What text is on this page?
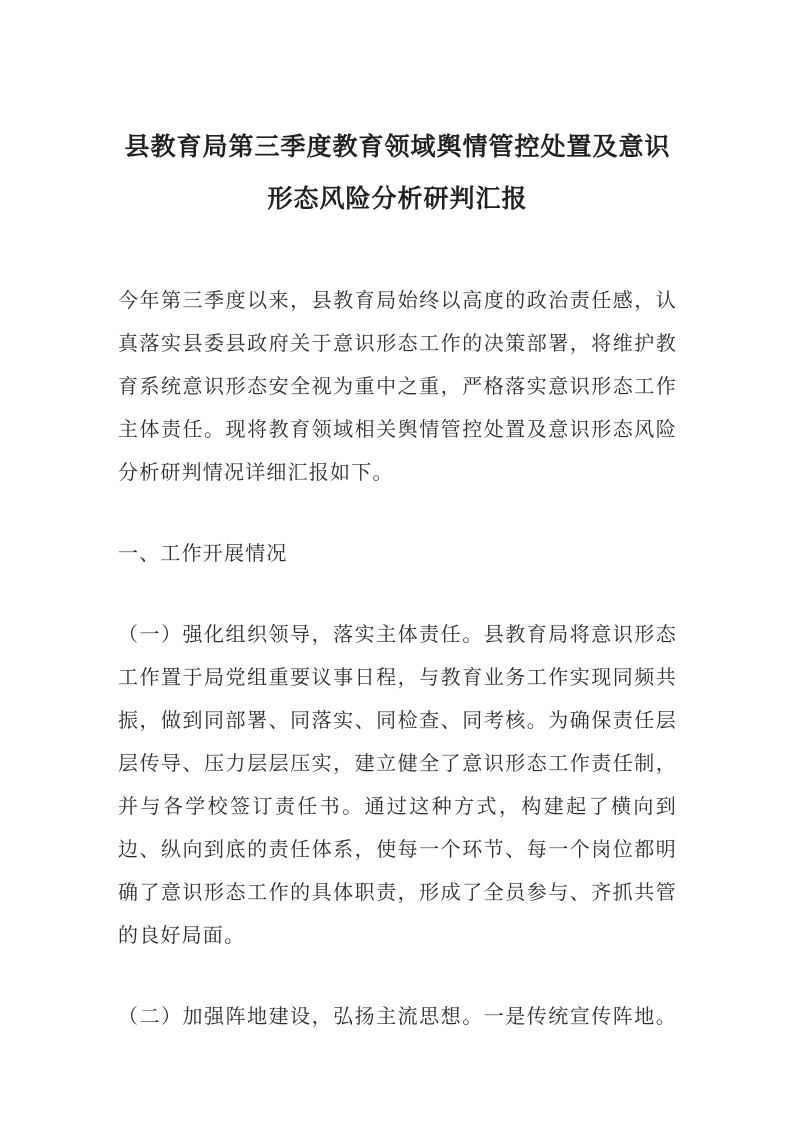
县教育局第三季度教育领域舆情管控处置及意识形态风险分析研判汇报

今年第三季度以来，县教育局始终以高度的政治责任感，认真落实县委县政府关于意识形态工作的决策部署，将维护教育系统意识形态安全视为重中之重，严格落实意识形态工作主体责任。现将教育领域相关舆情管控处置及意识形态风险分析研判情况详细汇报如下。

一、工作开展情况

（一）强化组织领导，落实主体责任。县教育局将意识形态工作置于局党组重要议事日程，与教育业务工作实现同频共振，做到同部署、同落实、同检查、同考核。为确保责任层层传导、压力层层压实，建立健全了意识形态工作责任制，并与各学校签订责任书。通过这种方式，构建起了横向到边、纵向到底的责任体系，使每一个环节、每一个岗位都明确了意识形态工作的具体职责，形成了全员参与、齐抓共管的良好局面。

（二）加强阵地建设，弘扬主流思想。一是传统宣传阵地。
